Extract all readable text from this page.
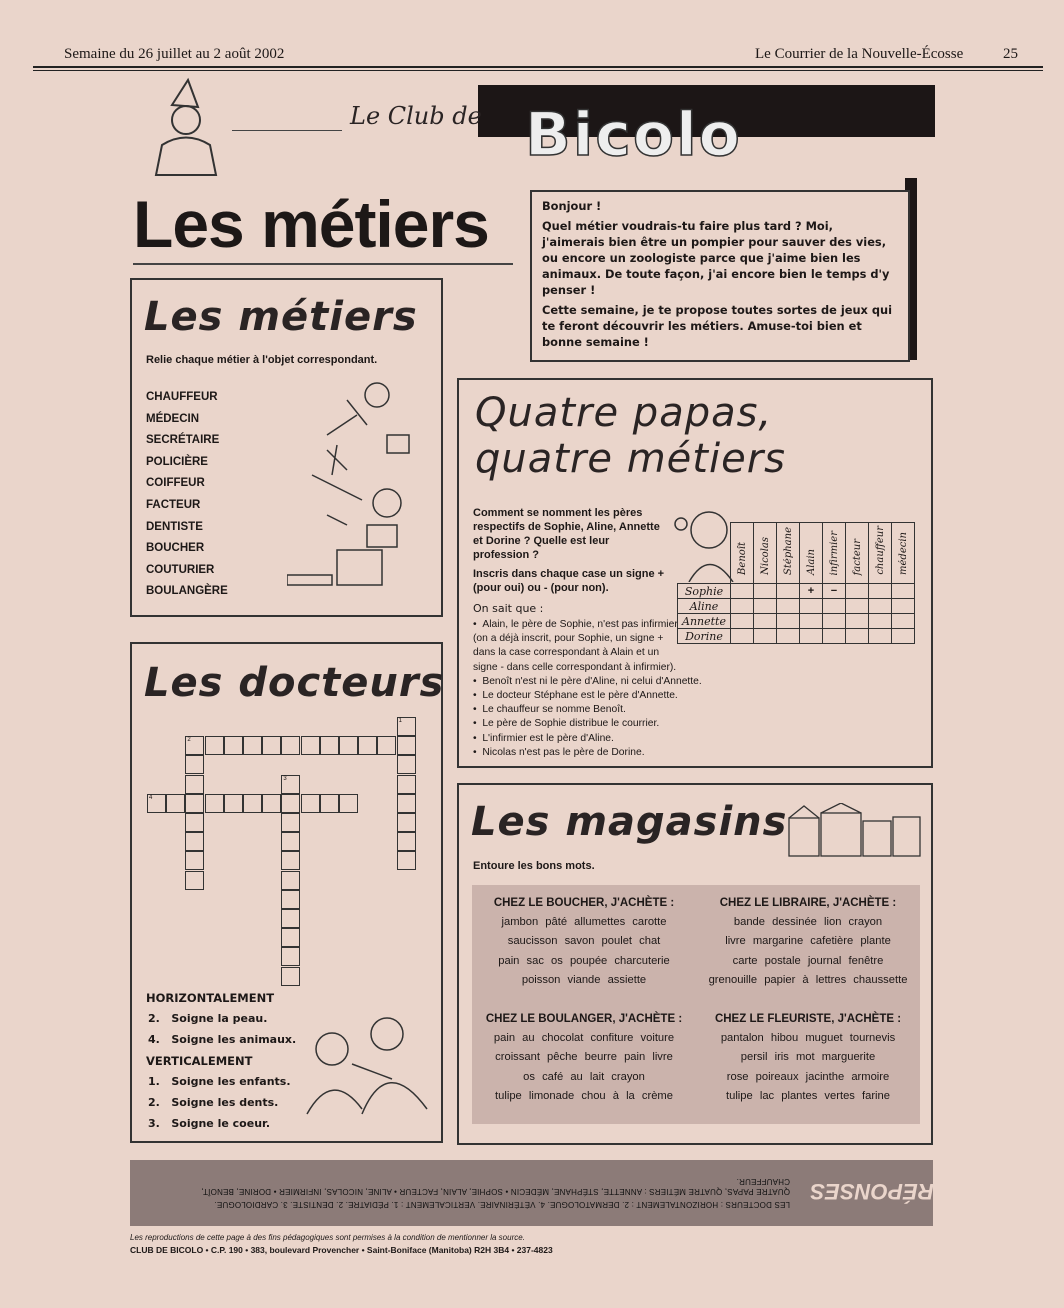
Semaine du 26 juillet au 2 août 2002	Le Courrier de la Nouvelle-Écosse	25
Le Club de Bicolo
Les métiers	Bonjour !

Quel métier voudrais-tu faire plus tard ? Moi, j'aimerais bien être un pompier pour sauver des vies, ou encore un zoologiste parce que j'aime bien les animaux. De toute façon, j'ai encore bien le temps d'y penser !

Cette semaine, je te propose toutes sortes de jeux qui te feront découvrir les métiers. Amuse-toi bien et bonne semaine !

Les métiers
Relie chaque métier à l'objet correspondant.
CHAUFFEUR
MÉDECIN
SECRÉTAIRE
POLICIÈRE
COIFFEUR
FACTEUR
DENTISTE
BOUCHER
COUTURIER
BOULANGÈRE
Les docteurs
2
1
4
3
HORIZONTALEMENT
2. Soigne la peau.
4. Soigne les animaux.
VERTICALEMENT
1. Soigne les enfants.
2. Soigne les dents.
3. Soigne le coeur.
Quatre papas,
quatre métiers
Comment se nomment les pères respectifs de Sophie, Aline, Annette et Dorine ? Quelle est leur profession ?
Inscris dans chaque case un signe + (pour oui) ou - (pour non).
On sait que :
•  Alain, le père de Sophie, n'est pas infirmier (on a déjà inscrit, pour Sophie, un signe + dans la case correspondant à Alain et un signe - dans celle correspondant à infirmier).
•  Benoît n'est ni le père d'Aline, ni celui d'Annette.
•  Le docteur Stéphane est le père d'Annette.
•  Le chauffeur se nomme Benoît.
•  Le père de Sophie distribue le courrier.
•  L'infirmier est le père d'Aline.
•  Nicolas n'est pas le père de Dorine.
	Benoît	Nicolas	Stéphane	Alain	infirmier	facteur	chauffeur	médecin
Sophie				+	−			
Aline								
Annette								
Dorine								
Les magasins
Entoure les bons mots.
CHEZ LE BOUCHER, J'ACHÈTE :
jambon pâté allumettes carotte
saucisson savon poulet chat
pain sac os poupée charcuterie
poisson viande assiette
CHEZ LE LIBRAIRE, J'ACHÈTE :
bande dessinée lion crayon
livre margarine cafetière plante
carte postale journal fenêtre
grenouille papier à lettres chaussette
CHEZ LE BOULANGER, J'ACHÈTE :
pain au chocolat confiture voiture
croissant pêche beurre pain livre
os café au lait crayon
tulipe limonade chou à la crème
CHEZ LE FLEURISTE, J'ACHÈTE :
pantalon hibou muguet tournevis
persil iris mot marguerite
rose poireaux jacinthe armoire
tulipe lac plantes vertes farine
RÉPONSES
LES DOCTEURS : HORIZONTALEMENT : 2. DERMATOLOGUE. 4. VÉTÉRINAIRE. VERTICALEMENT : 1. PÉDIATRE. 2. DENTISTE. 3. CARDIOLOGUE.
QUATRE PAPAS, QUATRE MÉTIERS : ANNETTE, STÉPHANE, MÉDECIN • SOPHIE, ALAIN, FACTEUR • ALINE, NICOLAS, INFIRMIER • DORINE, BENOÎT, CHAUFFEUR.
Les reproductions de cette page à des fins pédagogiques sont permises à la condition de mentionner la source.
CLUB DE BICOLO • C.P. 190 • 383, boulevard Provencher • Saint-Boniface (Manitoba) R2H 3B4 • 237-4823
